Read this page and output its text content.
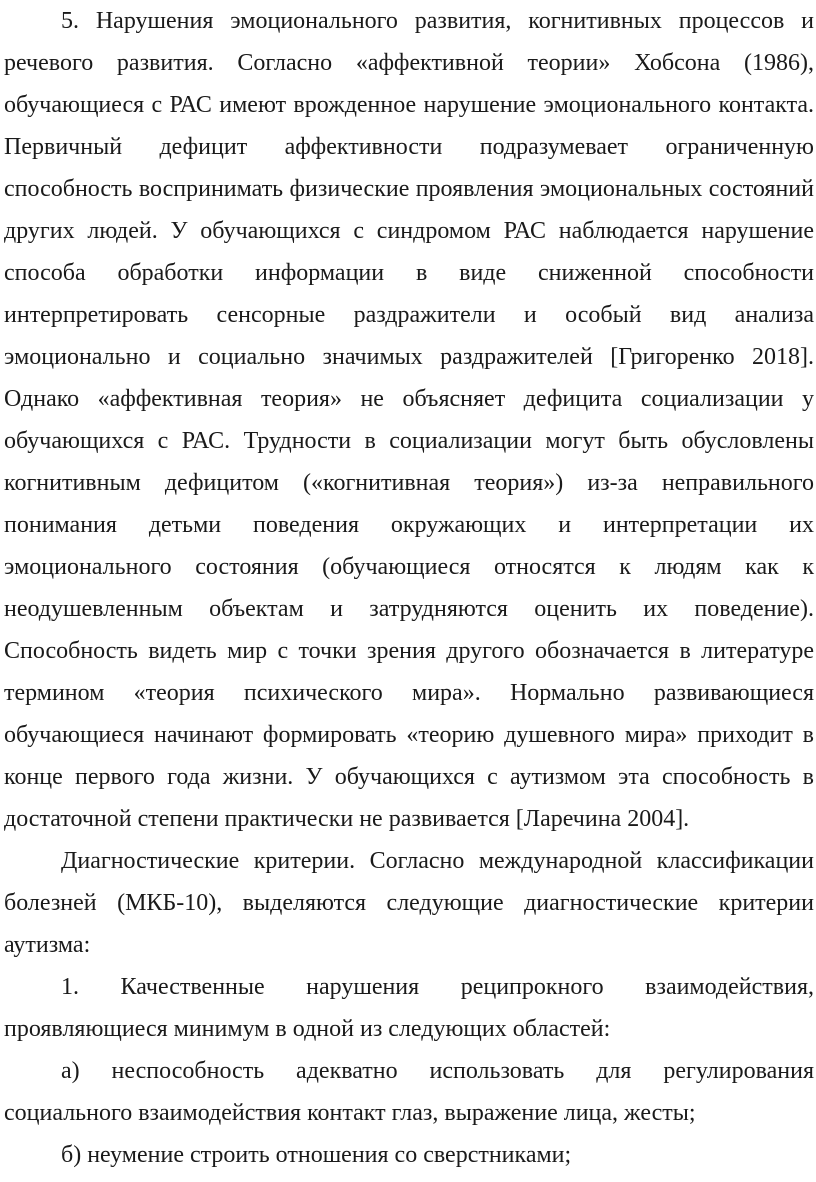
5. Нарушения эмоционального развития, когнитивных процессов и
речевого развития. Согласно «аффективной теории» Хобсона (1986),
обучающиеся с РАС имеют врожденное нарушение эмоционального контакта.
Первичный дефицит аффективности подразумевает ограниченную
способность воспринимать физические проявления эмоциональных состояний
других людей. У обучающихся с синдромом РАС наблюдается нарушение
способа обработки информации в виде сниженной способности
интерпретировать сенсорные раздражители и особый вид анализа
эмоционально и социально значимых раздражителей [Григоренко 2018].
Однако «аффективная теория» не объясняет дефицита социализации у
обучающихся с РАС. Трудности в социализации могут быть обусловлены
когнитивным дефицитом («когнитивная теория») из-за неправильного
понимания детьми поведения окружающих и интерпретации их
эмоционального состояния (обучающиеся относятся к людям как к
неодушевленным объектам и затрудняются оценить их поведение).
Способность видеть мир с точки зрения другого обозначается в литературе
термином «теория психического мира». Нормально развивающиеся
обучающиеся начинают формировать «теорию душевного мира» приходит в
конце первого года жизни. У обучающихся с аутизмом эта способность в
достаточной степени практически не развивается [Ларечина 2004].
Диагностические критерии. Согласно международной классификации
болезней (МКБ-10), выделяются следующие диагностические критерии
аутизма:
1. Качественные нарушения реципрокного взаимодействия,
проявляющиеся минимум в одной из следующих областей:
а) неспособность адекватно использовать для регулирования
социального взаимодействия контакт глаз, выражение лица, жесты;
б) неумение строить отношения со сверстниками;
